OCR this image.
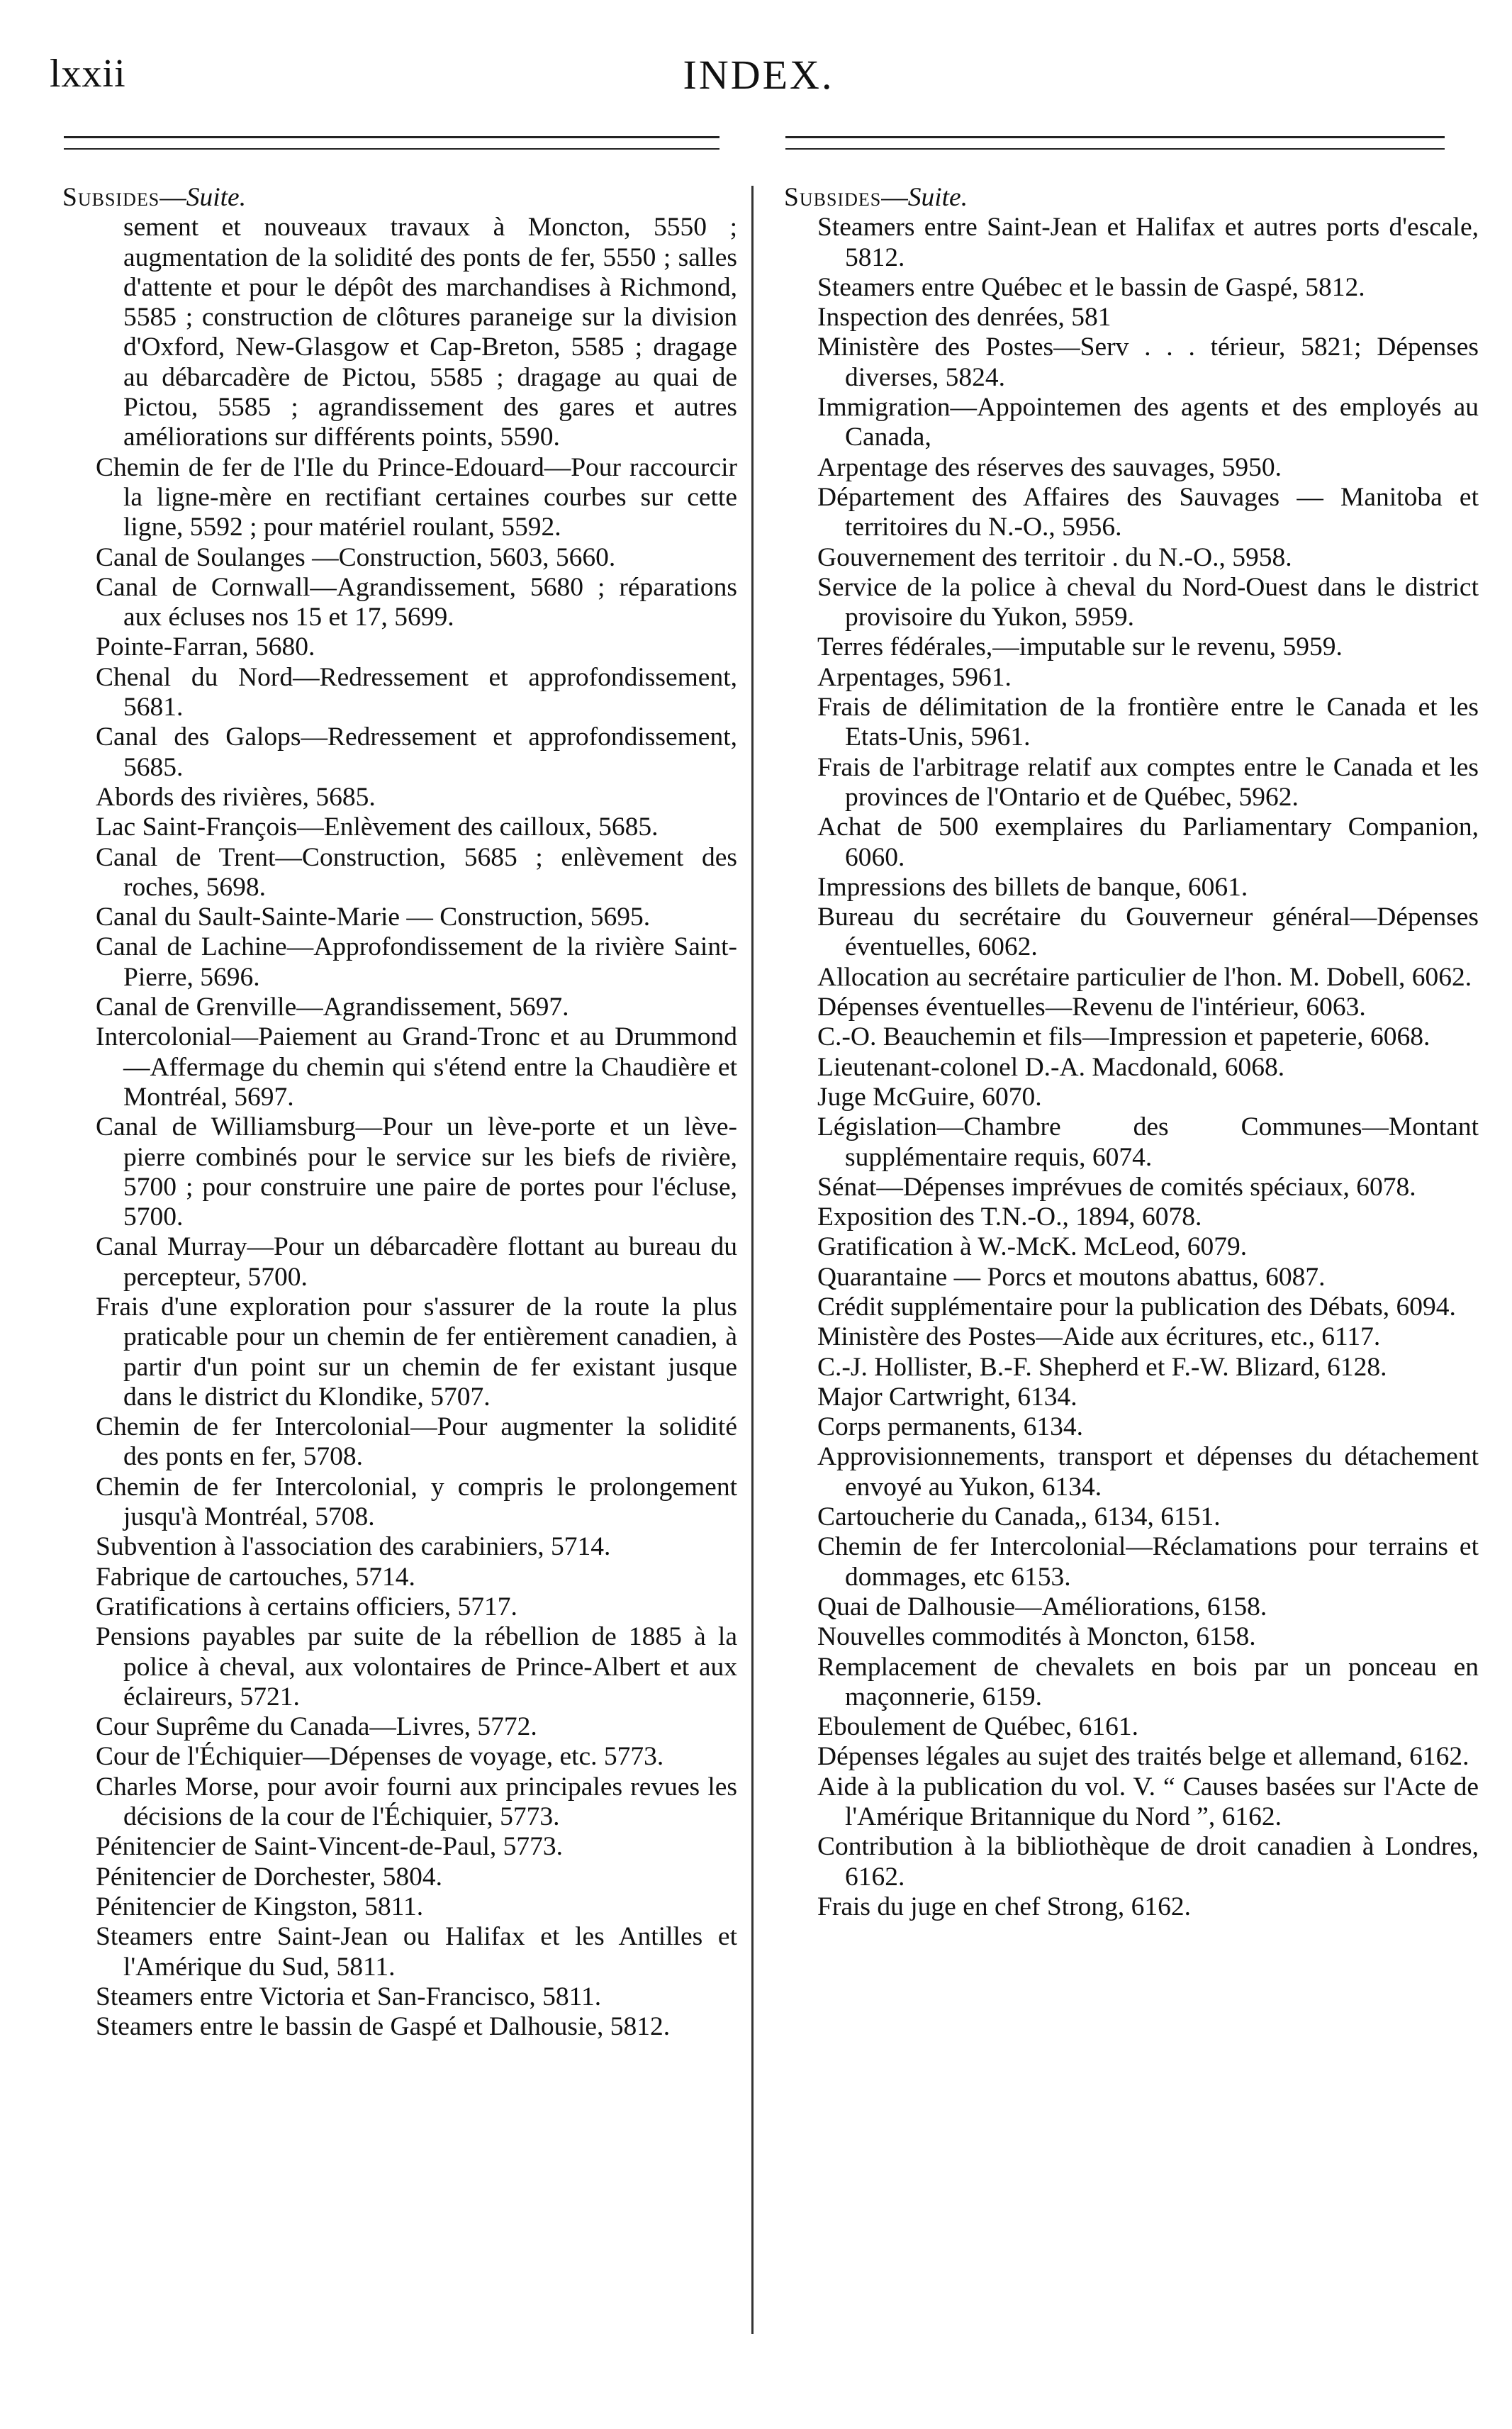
lxxii	INDEX.

Subsides—Suite.

sement et nouveaux travaux à Moncton, 5550 ; augmentation de la solidité des ponts de fer, 5550 ; salles d'attente et pour le dépôt des marchandises à Richmond, 5585 ; construction de clôtures paraneige sur la division d'Oxford, New-Glasgow et Cap-Breton, 5585 ; dragage au débarcadère de Pictou, 5585 ; dragage au quai de Pictou, 5585 ; agrandissement des gares et autres améliorations sur différents points, 5590.

Chemin de fer de l'Ile du Prince-Edouard—Pour raccourcir la ligne-mère en rectifiant certaines courbes sur cette ligne, 5592 ; pour matériel roulant, 5592.

Canal de Soulanges —Construction, 5603, 5660.

Canal de Cornwall—Agrandissement, 5680 ; réparations aux écluses nos 15 et 17, 5699.

Pointe-Farran, 5680.

Chenal du Nord—Redressement et approfondissement, 5681.

Canal des Galops—Redressement et approfondissement, 5685.

Abords des rivières, 5685.

Lac Saint-François—Enlèvement des cailloux, 5685.

Canal de Trent—Construction, 5685 ; enlèvement des roches, 5698.

Canal du Sault-Sainte-Marie — Construction, 5695.

Canal de Lachine—Approfondissement de la rivière Saint-Pierre, 5696.

Canal de Grenville—Agrandissement, 5697.

Intercolonial—Paiement au Grand-Tronc et au Drummond—Affermage du chemin qui s'étend entre la Chaudière et Montréal, 5697.

Canal de Williamsburg—Pour un lève-porte et un lève-pierre combinés pour le service sur les biefs de rivière, 5700 ; pour construire une paire de portes pour l'écluse, 5700.

Canal Murray—Pour un débarcadère flottant au bureau du percepteur, 5700.

Frais d'une exploration pour s'assurer de la route la plus praticable pour un chemin de fer entièrement canadien, à partir d'un point sur un chemin de fer existant jusque dans le district du Klondike, 5707.

Chemin de fer Intercolonial—Pour augmenter la solidité des ponts en fer, 5708.

Chemin de fer Intercolonial, y compris le prolongement jusqu'à Montréal, 5708.

Subvention à l'association des carabiniers, 5714.

Fabrique de cartouches, 5714.

Gratifications à certains officiers, 5717.

Pensions payables par suite de la rébellion de 1885 à la police à cheval, aux volontaires de Prince-Albert et aux éclaireurs, 5721.

Cour Suprême du Canada—Livres, 5772.

Cour de l'Échiquier—Dépenses de voyage, etc. 5773.

Charles Morse, pour avoir fourni aux principales revues les décisions de la cour de l'Échiquier, 5773.

Pénitencier de Saint-Vincent-de-Paul, 5773.

Pénitencier de Dorchester, 5804.

Pénitencier de Kingston, 5811.

Steamers entre Saint-Jean ou Halifax et les Antilles et l'Amérique du Sud, 5811.

Steamers entre Victoria et San-Francisco, 5811.

Steamers entre le bassin de Gaspé et Dalhousie, 5812.

Subsides—Suite.

Steamers entre Saint-Jean et Halifax et autres ports d'escale, 5812.

Steamers entre Québec et le bassin de Gaspé, 5812.

Inspection des denrées, 581

Ministère des Postes—Serv . . . térieur, 5821; Dépenses diverses, 5824.

Immigration—Appointemen des agents et des employés au Canada,

Arpentage des réserves des sauvages, 5950.

Département des Affaires des Sauvages — Manitoba et territoires du N.-O., 5956.

Gouvernement des territoir . du N.-O., 5958.

Service de la police à cheval du Nord-Ouest dans le district provisoire du Yukon, 5959.

Terres fédérales,—imputable sur le revenu, 5959.

Arpentages, 5961.

Frais de délimitation de la frontière entre le Canada et les Etats-Unis, 5961.

Frais de l'arbitrage relatif aux comptes entre le Canada et les provinces de l'Ontario et de Québec, 5962.

Achat de 500 exemplaires du Parliamentary Companion, 6060.

Impressions des billets de banque, 6061.

Bureau du secrétaire du Gouverneur général—Dépenses éventuelles, 6062.

Allocation au secrétaire particulier de l'hon. M. Dobell, 6062.

Dépenses éventuelles—Revenu de l'intérieur, 6063.

C.-O. Beauchemin et fils—Impression et papeterie, 6068.

Lieutenant-colonel D.-A. Macdonald, 6068.

Juge McGuire, 6070.

Législation—Chambre des Communes—Montant supplémentaire requis, 6074.

Sénat—Dépenses imprévues de comités spéciaux, 6078.

Exposition des T.N.-O., 1894, 6078.

Gratification à W.-McK. McLeod, 6079.

Quarantaine — Porcs et moutons abattus, 6087.

Crédit supplémentaire pour la publication des Débats, 6094.

Ministère des Postes—Aide aux écritures, etc., 6117.

C.-J. Hollister, B.-F. Shepherd et F.-W. Blizard, 6128.

Major Cartwright, 6134.

Corps permanents, 6134.

Approvisionnements, transport et dépenses du détachement envoyé au Yukon, 6134.

Cartoucherie du Canada,, 6134, 6151.

Chemin de fer Intercolonial—Réclamations pour terrains et dommages, etc 6153.

Quai de Dalhousie—Améliorations, 6158.

Nouvelles commodités à Moncton, 6158.

Remplacement de chevalets en bois par un ponceau en maçonnerie, 6159.

Eboulement de Québec, 6161.

Dépenses légales au sujet des traités belge et allemand, 6162.

Aide à la publication du vol. V. “ Causes basées sur l'Acte de l'Amérique Britannique du Nord ”, 6162.

Contribution à la bibliothèque de droit canadien à Londres, 6162.

Frais du juge en chef Strong, 6162.
